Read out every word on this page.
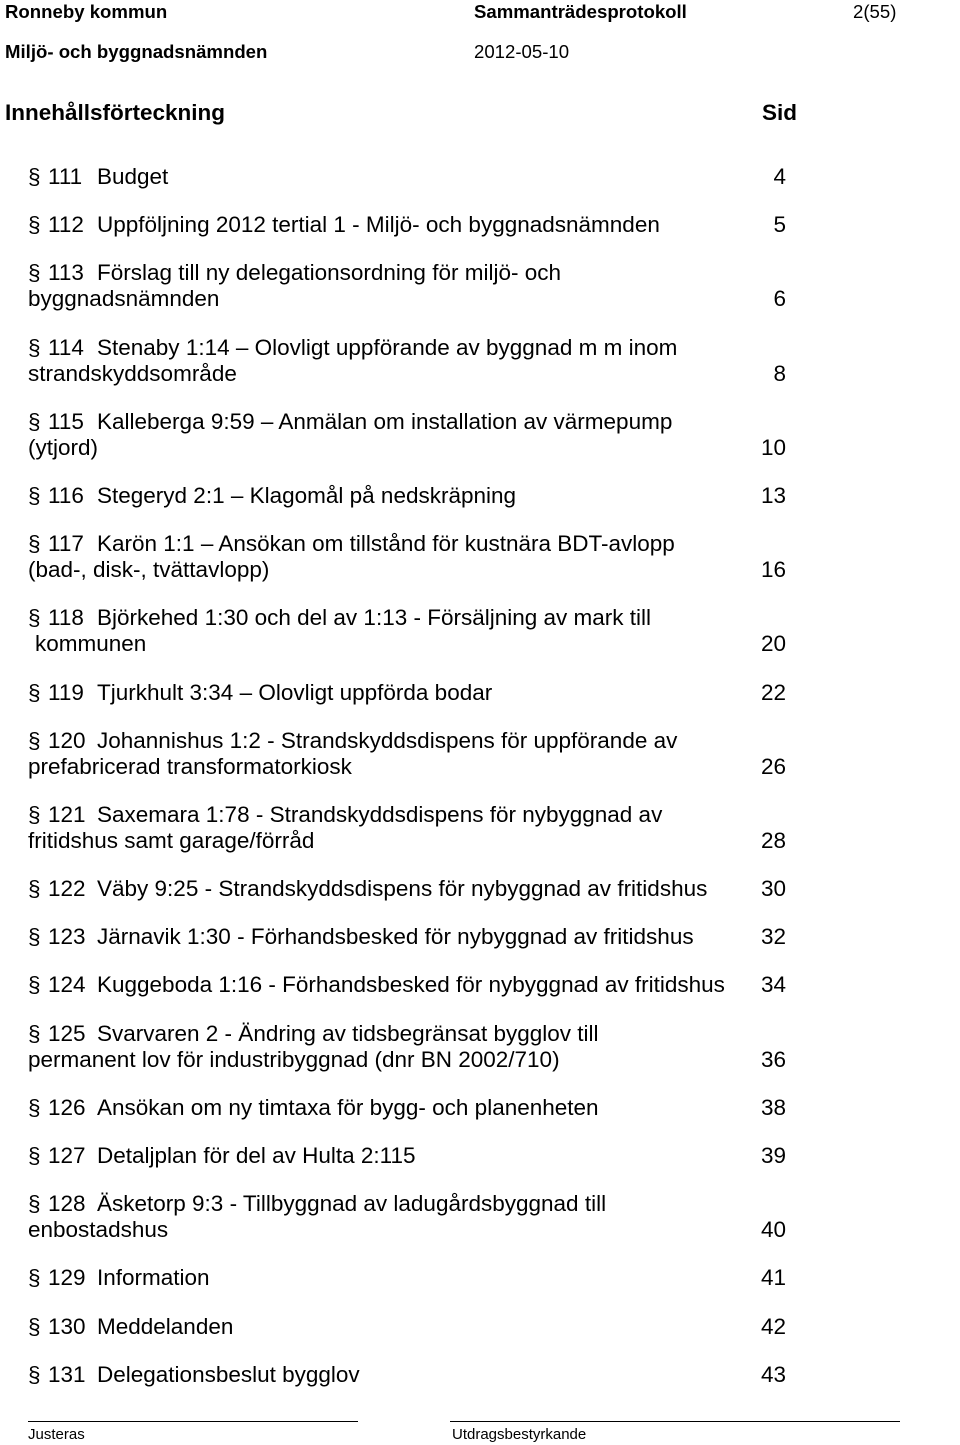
Ronneby kommun	Sammanträdesprotokoll	2(55)
Miljö- och byggnadsnämnden	2012-05-10
Innehållsförteckning	Sid
§ 111 Budget	4
§ 112 Uppföljning 2012 tertial 1 - Miljö- och byggnadsnämnden	5
§ 113 Förslag till ny delegationsordning för miljö- och
byggnadsnämnden	6
§ 114 Stenaby 1:14 – Olovligt uppförande av byggnad m m inom
strandskyddsområde	8
§ 115 Kalleberga 9:59 – Anmälan om installation av värmepump
(ytjord)	10
§ 116 Stegeryd 2:1 – Klagomål på nedskräpning	13
§ 117 Karön 1:1 – Ansökan om tillstånd för kustnära BDT-avlopp
(bad-, disk-, tvättavlopp)	16
§ 118 Björkehed 1:30 och del av 1:13 - Försäljning av mark till
kommunen	20
§ 119 Tjurkhult 3:34 – Olovligt uppförda bodar	22
§ 120 Johannishus 1:2 - Strandskyddsdispens för uppförande av
prefabricerad transformatorkiosk	26
§ 121 Saxemara 1:78 - Strandskyddsdispens för nybyggnad av
fritidshus samt garage/förråd	28
§ 122 Väby 9:25 - Strandskyddsdispens för nybyggnad av fritidshus 30
§ 123 Järnavik 1:30 - Förhandsbesked för nybyggnad av fritidshus	32
§ 124 Kuggeboda 1:16 - Förhandsbesked för nybyggnad av fritidshus 34
§ 125 Svarvaren 2 - Ändring av tidsbegränsat bygglov till
permanent lov för industribyggnad (dnr BN 2002/710)	36
§ 126 Ansökan om ny timtaxa för bygg- och planenheten	38
§ 127 Detaljplan för del av Hulta 2:115	39
§ 128 Äsketorp 9:3 - Tillbyggnad av ladugårdsbyggnad till
enbostadshus	40
§ 129 Information	41
§ 130 Meddelanden	42
§ 131 Delegationsbeslut bygglov	43
Justeras	Utdragsbestyrkande
